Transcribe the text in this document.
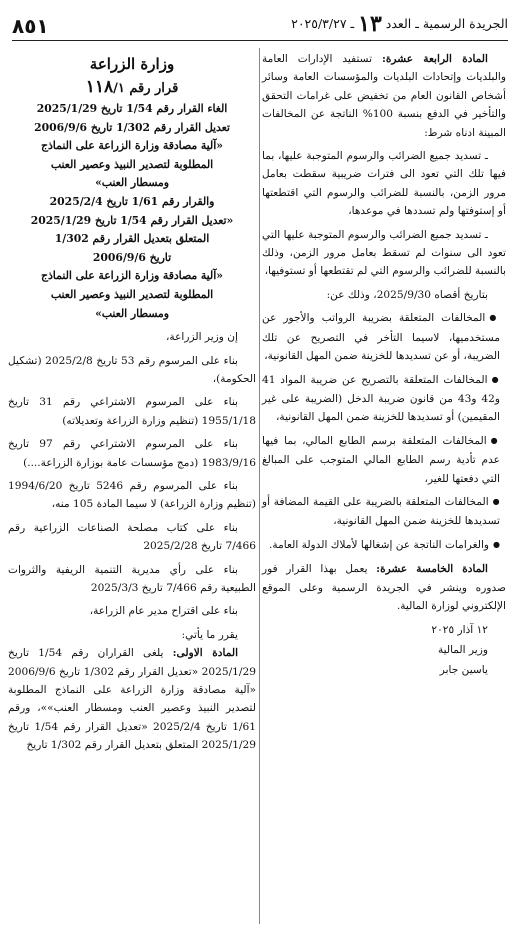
الجريدة الرسمية ـ العدد ١٣ ـ ٢٠٢٥/٣/٢٧
٨٥١

المادة الرابعة عشرة: تستفيد الإدارات العامة والبلديات وإتحادات البلديات والمؤسسات العامة وسائر أشخاص القانون العام من تخفيض على غرامات التحقق والتأخير في الدفع بنسبة 100% الناتجة عن المخالفات المبينة ادناه شرط:

ـ تسديد جميع الضرائب والرسوم المتوجبة عليها، بما فيها تلك التي تعود الى فترات ضريبية سقطت بعامل مرور الزمن، بالنسبة للضرائب والرسوم التي اقتطعتها أو إستوفتها ولم تسددها في موعدها،

ـ تسديد جميع الضرائب والرسوم المتوجبة عليها التي تعود الى سنوات لم تسقط بعامل مرور الزمن، وذلك بالنسبة للضرائب والرسوم التي لم تقتطعها أو تستوفيها،

بتاريخ أقصاه 2025/9/30، وذلك عن:

● المخالفات المتعلقة بضريبة الرواتب والأجور عن مستخدميها، لاسيما التأخر في التصريح عن تلك الضريبة، أو عن تسديدها للخزينة ضمن المهل القانونية،

● المخالفات المتعلقة بالتصريح عن ضريبة المواد 41 و42 و43 من قانون ضريبة الدخل (الضريبة على غير المقيمين) أو تسديدها للخزينة ضمن المهل القانونية،

● المخالفات المتعلقة برسم الطابع المالي، بما فيها عدم تأدية رسم الطابع المالي المتوجب على المبالغ التي دفعتها للغير،

● المخالفات المتعلقة بالضريبة على القيمة المضافة أو تسديدها للخزينة ضمن المهل القانونية،

● والغرامات الناتجة عن إشغالها لأملاك الدولة العامة.

المادة الخامسة عشرة: يعمل بهذا القرار فور صدوره وينشر في الجريدة الرسمية وعلى الموقع الإلكتروني لوزارة المالية.

١٢ آذار ٢٠٢٥

وزير المالية

ياسين جابر

وزارة الزراعة

قرار رقم ١١٨/١

الغاء القرار رقم 1/54 تاريخ 2025/1/29

تعديل القرار رقم 1/302 تاريخ 2006/9/6

«آلية مصادقة وزارة الزراعة على النماذج

المطلوبة لتصدير النبيذ وعصير العنب

ومسطار العنب»

والقرار رقم 1/61 تاريخ 2025/2/4

«تعديل القرار رقم 1/54 تاريخ 2025/1/29

المتعلق بتعديل القرار رقم 1/302

تاريخ 2006/9/6

«آلية مصادقة وزارة الزراعة على النماذج

المطلوبة لتصدير النبيذ وعصير العنب

ومسطار العنب»

إن وزير الزراعة،

بناء على المرسوم رقم 53 تاريخ 2025/2/8 (تشكيل الحكومة)،

بناء على المرسوم الاشتراعي رقم 31 تاريخ 1955/1/18 (تنظيم وزارة الزراعة وتعديلاته)

بناء على المرسوم الاشتراعي رقم 97 تاريخ 1983/9/16 (دمج مؤسسات عامة بوزارة الزراعة....)

بناء على المرسوم رقم 5246 تاريخ 1994/6/20 (تنظيم وزارة الزراعة) لا سيما المادة 105 منه،

بناء على كتاب مصلحة الصناعات الزراعية رقم 7/466 تاريخ 2025/2/28

بناء على رأي مديرية التنمية الريفية والثروات الطبيعية رقم 7/466 تاريخ 2025/3/3

بناء على اقتراح مدير عام الزراعة،

يقرر ما يأتي:

المادة الاولى: يلغى القراران رقم 1/54 تاريخ 2025/1/29 «تعديل القرار رقم 1/302 تاريخ 2006/9/6 «آلية مصادقة وزارة الزراعة على النماذج المطلوبة لتصدير النبيذ وعصير العنب ومسطار العنب»»، ورقم 1/61 تاريخ 2025/2/4 «تعديل القرار رقم 1/54 تاريخ 2025/1/29 المتعلق بتعديل القرار رقم 1/302 تاريخ
